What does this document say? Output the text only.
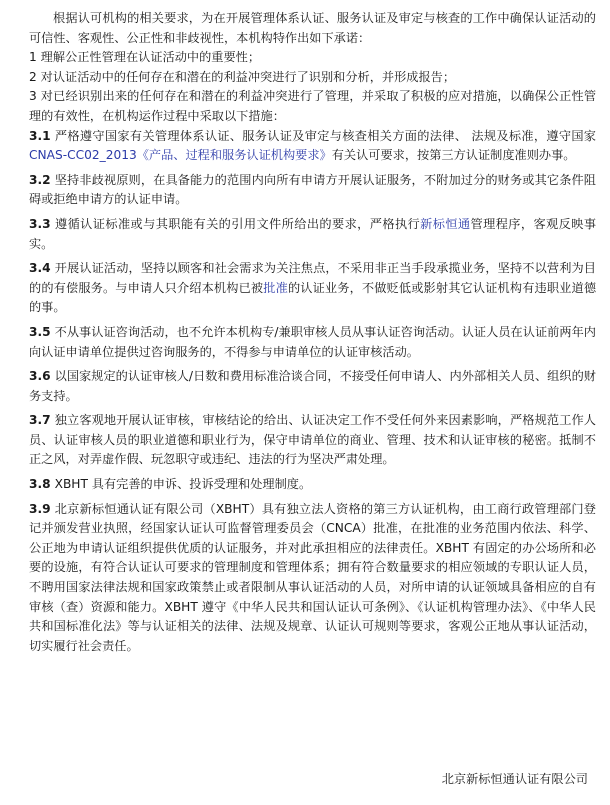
根据认可机构的相关要求，为在开展管理体系认证、服务认证及审定与核查的工作中确保认证活动的可信性、客观性、公正性和非歧视性，本机构特作出如下承诺：

1 理解公正性管理在认证活动中的重要性；

2 对认证活动中的任何存在和潜在的利益冲突进行了识别和分析，并形成报告；

3 对已经识别出来的任何存在和潜在的利益冲突进行了管理，并采取了积极的应对措施，以确保公正性管理的有效性，在机构运作过程中采取以下措施：

3.1 严格遵守国家有关管理体系认证、服务认证及审定与核查相关方面的法律、 法规及标准，遵守国家CNAS-CC02_2013《产品、过程和服务认证机构要求》有关认可要求，按第三方认证制度准则办事。

3.2 坚持非歧视原则，在具备能力的范围内向所有申请方开展认证服务，不附加过分的财务或其它条件阻碍或拒绝申请方的认证申请。

3.3 遵循认证标准或与其职能有关的引用文件所给出的要求，严格执行新标恒通管理程序，客观反映事实。

3.4 开展认证活动，坚持以顾客和社会需求为关注焦点，不采用非正当手段承揽业务，坚持不以营利为目的的有偿服务。与申请人只介绍本机构已被批准的认证业务，不做贬低或影射其它认证机构有违职业道德的事。

3.5 不从事认证咨询活动，也不允许本机构专/兼职审核人员从事认证咨询活动。认证人员在认证前两年内向认证申请单位提供过咨询服务的，不得参与申请单位的认证审核活动。

3.6 以国家规定的认证审核人/日数和费用标准洽谈合同，不接受任何申请人、内外部相关人员、组织的财务支持。

3.7 独立客观地开展认证审核，审核结论的给出、认证决定工作不受任何外来因素影响，严格规范工作人员、认证审核人员的职业道德和职业行为，保守申请单位的商业、管理、技术和认证审核的秘密。抵制不正之风，对弄虚作假、玩忽职守或违纪、违法的行为坚决严肃处理。

3.8 XBHT 具有完善的申诉、投诉受理和处理制度。

3.9 北京新标恒通认证有限公司（XBHT）具有独立法人资格的第三方认证机构，由工商行政管理部门登记并颁发营业执照，经国家认证认可监督管理委员会（CNCA）批准，在批准的业务范围内依法、科学、公正地为申请认证组织提供优质的认证服务，并对此承担相应的法律责任。XBHT 有固定的办公场所和必要的设施，有符合认证认可要求的管理制度和管理体系；拥有符合数量要求的相应领域的专职认证人员，不聘用国家法律法规和国家政策禁止或者限制从事认证活动的人员，对所申请的认证领域具备相应的自有审核（查）资源和能力。XBHT 遵守《中华人民共和国认证认可条例》、《认证机构管理办法》、《中华人民共和国标准化法》等与认证相关的法律、法规及规章、认证认可规则等要求，客观公正地从事认证活动，切实履行社会责任。

北京新标恒通认证有限公司
